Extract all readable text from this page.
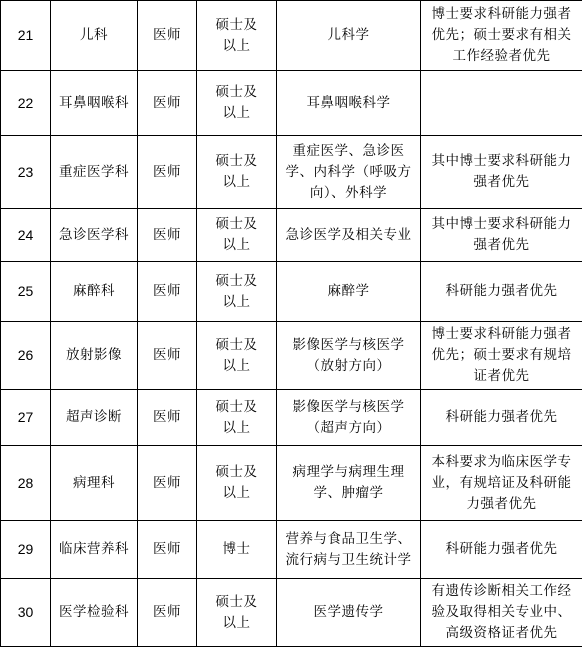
21	儿科	医师	硕士及以上	儿科学	博士要求科研能力强者优先；硕士要求有相关工作经验者优先
22	耳鼻咽喉科	医师	硕士及以上	耳鼻咽喉科学	
23	重症医学科	医师	硕士及以上	重症医学、急诊医学、内科学（呼吸方向）、外科学	其中博士要求科研能力强者优先
24	急诊医学科	医师	硕士及以上	急诊医学及相关专业	其中博士要求科研能力强者优先
25	麻醉科	医师	硕士及以上	麻醉学	科研能力强者优先
26	放射影像	医师	硕士及以上	影像医学与核医学（放射方向）	博士要求科研能力强者优先；硕士要求有规培证者优先
27	超声诊断	医师	硕士及以上	影像医学与核医学（超声方向）	科研能力强者优先
28	病理科	医师	硕士及以上	病理学与病理生理学、肿瘤学	本科要求为临床医学专业，有规培证及科研能力强者优先
29	临床营养科	医师	博士	营养与食品卫生学、流行病与卫生统计学	科研能力强者优先
30	医学检验科	医师	硕士及以上	医学遗传学	有遗传诊断相关工作经验及取得相关专业中、高级资格证者优先
